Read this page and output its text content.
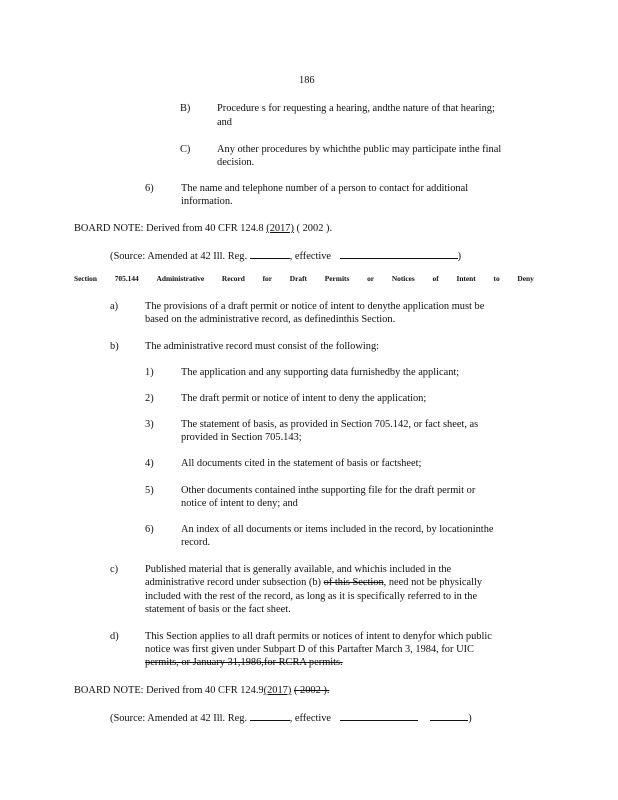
186
B)	Procedure s for requesting a hearing, andthe nature of that hearing;
and
C)	Any other procedures by whichthe public may participate inthe final
decision.
6)	The name and telephone number of a person to contact for additional
information.
BOARD NOTE: Derived from 40 CFR 124.8 (2017) ( 2002 ).
(Source: Amended at 42 Ill. Reg.	, effective	)
Section 705.144 Administrative Record for Draft Permits or Notices of Intent to Deny
a)	The provisions of a draft permit or notice of intent to denythe application must be
based on the administrative record, as definedinthis Section.
b)	The administrative record must consist of the following:
1)	The application and any supporting data furnishedby the applicant;
2)	The draft permit or notice of intent to deny the application;
3)	The statement of basis, as provided in Section 705.142, or fact sheet, as
provided in Section 705.143;
4)	All documents cited in the statement of basis or factsheet;
5)	Other documents contained inthe supporting file for the draft permit or
notice of intent to deny; and
6)	An index of all documents or items included in the record, by locationinthe
record.
c)	Published material that is generally available, and whichis included in the
administrative record under subsection (b) of this Section, need not be physically
included with the rest of the record, as long as it is specifically referred to in the
statement of basis or the fact sheet.
d)	This Section applies to all draft permits or notices of intent to denyfor which public
notice was first given under Subpart D of this Partafter March 3, 1984, for UIC
permits, or January 31,1986,for RCRA permits.
BOARD NOTE: Derived from 40 CFR 124.9(2017) ( 2002 ).
(Source: Amended at 42 Ill. Reg.	, effective	)
